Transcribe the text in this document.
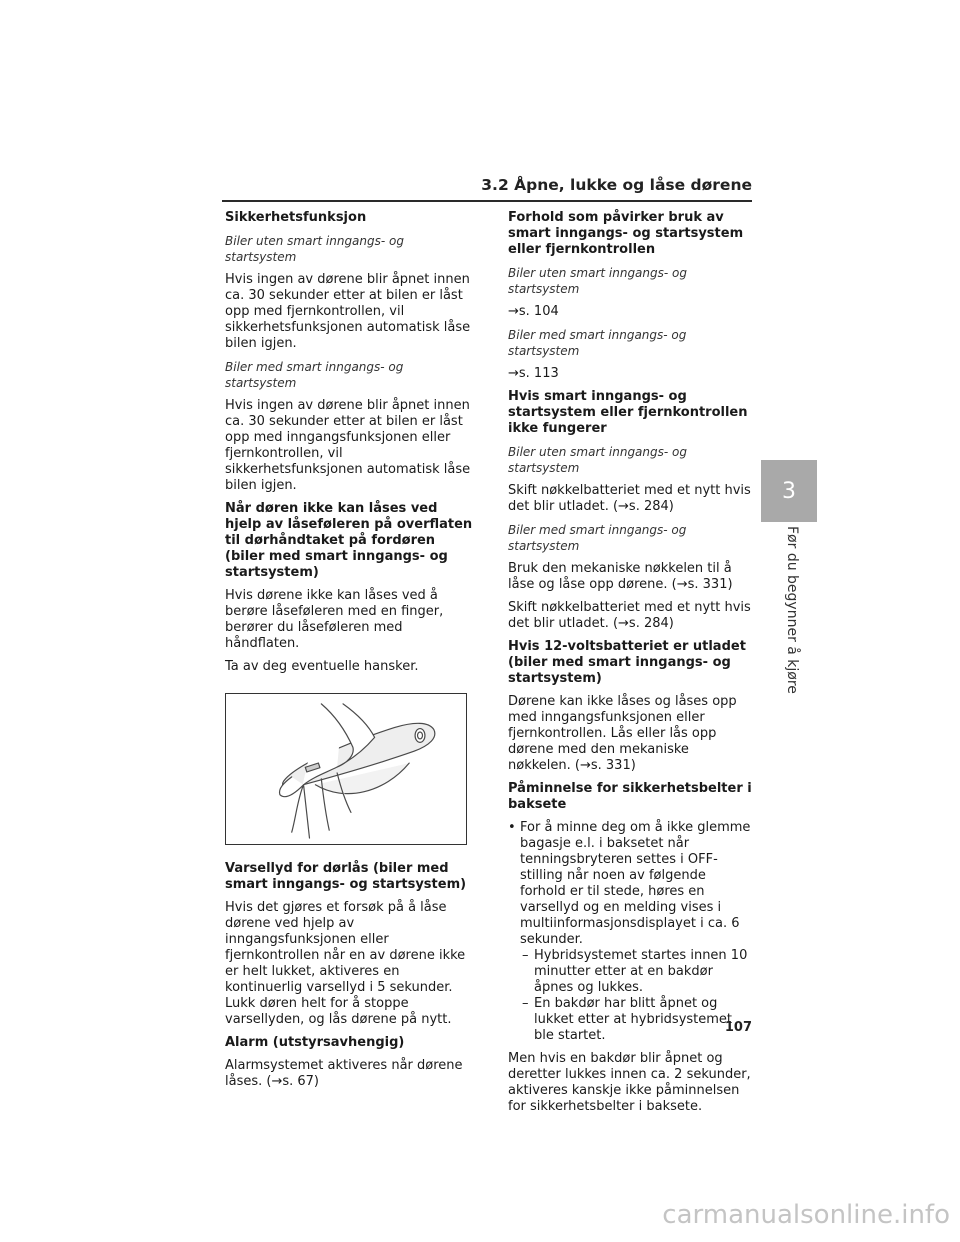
3.2 Åpne, lukke og låse dørene
Sikkerhetsfunksjon

Biler uten smart inngangs- og startsystem

Hvis ingen av dørene blir åpnet innen ca. 30 sekunder etter at bilen er låst opp med fjernkontrollen, vil sikkerhetsfunksjonen automatisk låse bilen igjen.

Biler med smart inngangs- og startsystem

Hvis ingen av dørene blir åpnet innen ca. 30 sekunder etter at bilen er låst opp med inngangsfunksjonen eller fjernkontrollen, vil sikkerhetsfunksjonen automatisk låse bilen igjen.

Når døren ikke kan låses ved hjelp av låseføleren på overflaten til dørhåndtaket på fordøren (biler med smart inngangs- og startsystem)

Hvis dørene ikke kan låses ved å berøre låseføleren med en finger, berører du låseføleren med håndflaten.

Ta av deg eventuelle hansker.

Varsellyd for dørlås (biler med smart inngangs- og startsystem)

Hvis det gjøres et forsøk på å låse dørene ved hjelp av inngangsfunksjonen eller fjernkontrollen når en av dørene ikke er helt lukket, aktiveres en kontinuerlig varsellyd i 5 sekunder. Lukk døren helt for å stoppe varsellyden, og lås dørene på nytt.

Alarm (utstyrsavhengig)

Alarmsystemet aktiveres når dørene låses. (→s. 67)

Forhold som påvirker bruk av smart inngangs- og startsystem eller fjernkontrollen

Biler uten smart inngangs- og startsystem

→s. 104

Biler med smart inngangs- og startsystem

→s. 113

Hvis smart inngangs- og startsystem eller fjernkontrollen ikke fungerer

Biler uten smart inngangs- og startsystem

Skift nøkkelbatteriet med et nytt hvis det blir utladet. (→s. 284)

Biler med smart inngangs- og startsystem

Bruk den mekaniske nøkkelen til å låse og låse opp dørene. (→s. 331)

Skift nøkkelbatteriet med et nytt hvis det blir utladet. (→s. 284)

Hvis 12-voltsbatteriet er utladet (biler med smart inngangs- og startsystem)

Dørene kan ikke låses og låses opp med inngangsfunksjonen eller fjernkontrollen. Lås eller lås opp dørene med den mekaniske nøkkelen. (→s. 331)

Påminnelse for sikkerhetsbelter i baksete
• For å minne deg om å ikke glemme bagasje e.l. i baksetet når tenningsbryteren settes i OFF-stilling når noen av følgende forhold er til stede, høres en varsellyd og en melding vises i multiinformasjonsdisplayet i ca. 6 sekunder.
– Hybridsystemet startes innen 10 minutter etter at en bakdør åpnes og lukkes.
– En bakdør har blitt åpnet og lukket etter at hybridsystemet ble startet.

Men hvis en bakdør blir åpnet og deretter lukkes innen ca. 2 sekunder, aktiveres kanskje ikke påminnelsen for sikkerhetsbelter i baksete.

3
Før du begynner å kjøre
107
carmanualsonline.info
